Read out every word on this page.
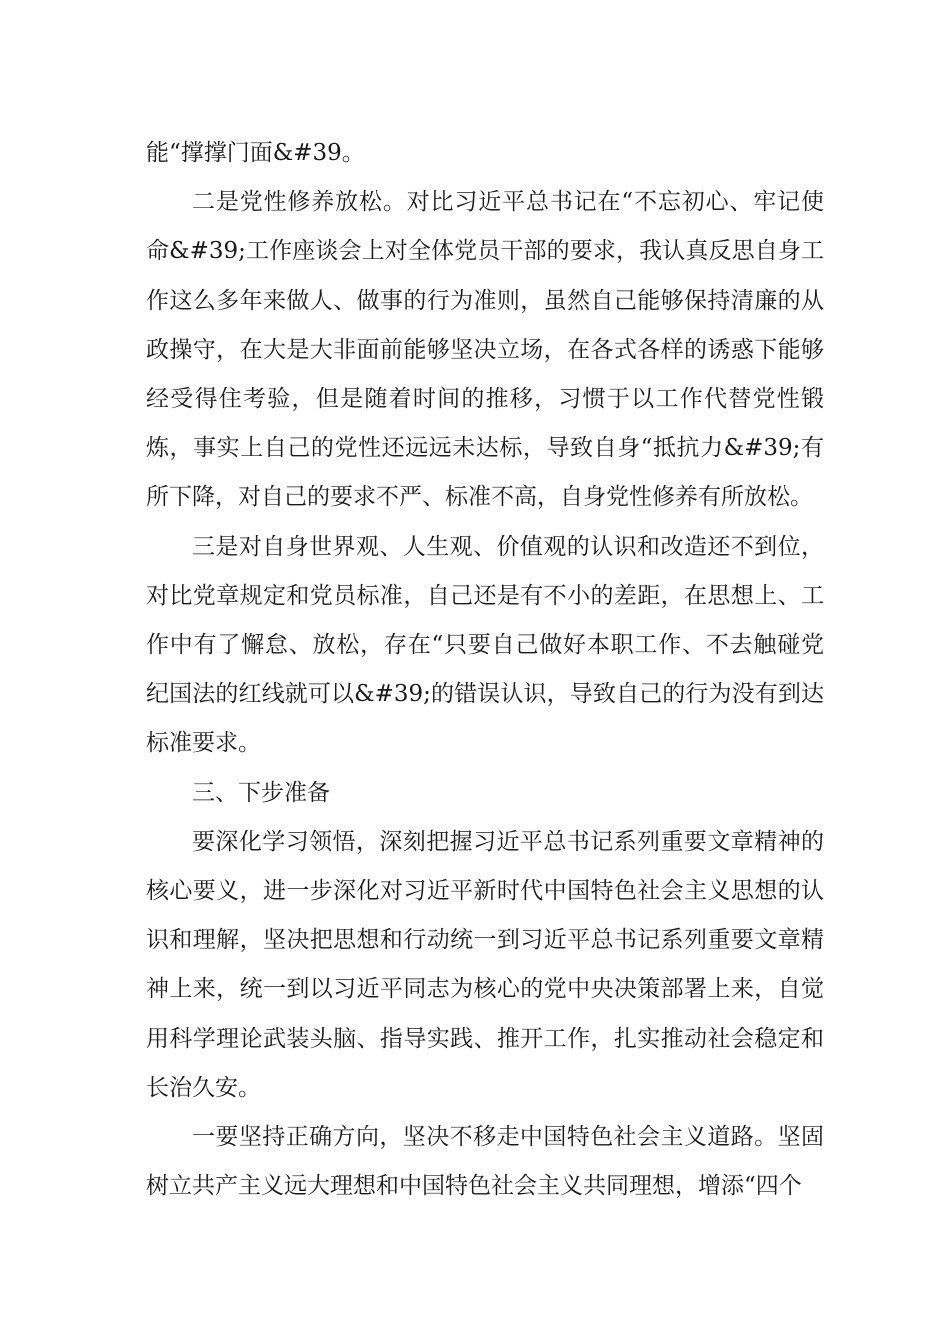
能“撑撑门面&#39。

二是党性修养放松。对比习近平总书记在“不忘初心、牢记使命&#39;工作座谈会上对全体党员干部的要求，我认真反思自身工作这么多年来做人、做事的行为准则，虽然自己能够保持清廉的从政操守，在大是大非面前能够坚决立场，在各式各样的诱惑下能够经受得住考验，但是随着时间的推移，习惯于以工作代替党性锻炼，事实上自己的党性还远远未达标，导致自身“抵抗力&#39;有所下降，对自己的要求不严、标准不高，自身党性修养有所放松。

三是对自身世界观、人生观、价值观的认识和改造还不到位，对比党章规定和党员标准，自己还是有不小的差距，在思想上、工作中有了懈怠、放松，存在“只要自己做好本职工作、不去触碰党纪国法的红线就可以&#39;的错误认识，导致自己的行为没有到达标准要求。

三、下步准备

要深化学习领悟，深刻把握习近平总书记系列重要文章精神的核心要义，进一步深化对习近平新时代中国特色社会主义思想的认识和理解，坚决把思想和行动统一到习近平总书记系列重要文章精神上来，统一到以习近平同志为核心的党中央决策部署上来，自觉用科学理论武装头脑、指导实践、推开工作，扎实推动社会稳定和长治久安。

一要坚持正确方向，坚决不移走中国特色社会主义道路。坚固树立共产主义远大理想和中国特色社会主义共同理想，增添“四个
